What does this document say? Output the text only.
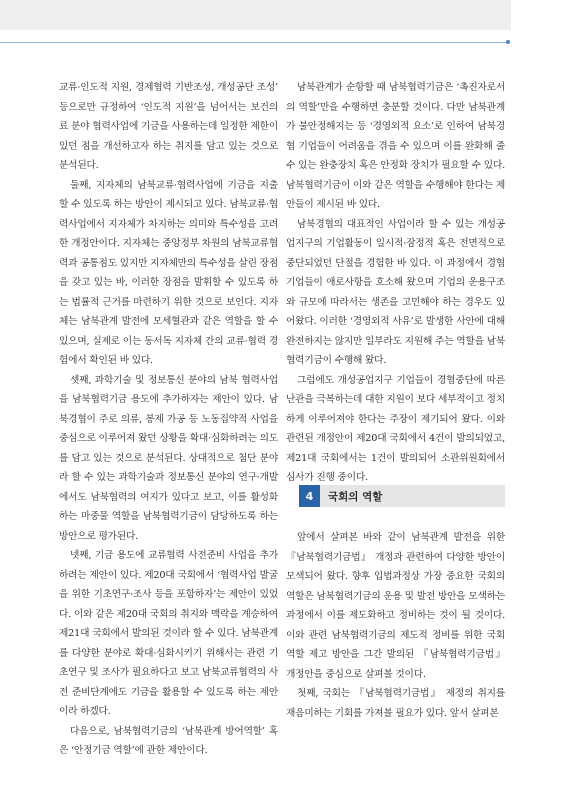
교류·인도적 지원, 경제협력 기반조성, 개성공단 조성’ 등으로만 규정하여 ‘인도적 지원’을 넘어서는 보건의료 분야 협력사업에 기금을 사용하는데 일정한 제한이 있던 점을 개선하고자 하는 취지를 담고 있는 것으로 분석된다.

둘째, 지자체의 남북교류·협력사업에 기금을 지출할 수 있도록 하는 방안이 제시되고 있다. 남북교류·협력사업에서 지자체가 차지하는 의미와 특수성을 고려한 개정안이다. 지자체는 중앙정부 차원의 남북교류협력과 공통점도 있지만 지자체만의 특수성을 살린 장점을 갖고 있는 바, 이러한 장점을 발휘할 수 있도록 하는 법률적 근거를 마련하기 위한 것으로 보인다. 지자체는 남북관계 발전에 모세혈관과 같은 역할을 할 수 있으며, 실제로 이는 동서독 지자체 간의 교류·협력 경험에서 확인된 바 있다.

셋째, 과학기술 및 정보통신 분야의 남북 협력사업을 남북협력기금 용도에 추가하자는 제안이 있다. 남북경협이 주로 의류, 봉제 가공 등 노동집약적 사업을 중심으로 이루어져 왔던 상황을 확대·심화하려는 의도를 담고 있는 것으로 분석된다. 상대적으로 첨단 분야라 할 수 있는 과학기술과 정보통신 분야의 연구·개발에서도 남북협력의 여지가 있다고 보고, 이를 활성화하는 마중물 역할을 남북협력기금이 담당하도록 하는 방안으로 평가된다.

넷째, 기금 용도에 교류협력 사전준비 사업을 추가하려는 제안이 있다. 제20대 국회에서 ‘협력사업 발굴을 위한 기초연구·조사 등을 포함하자’는 제안이 있었다. 이와 같은 제20대 국회의 취지와 맥락을 계승하여 제21대 국회에서 발의된 것이라 할 수 있다. 남북관계를 다양한 분야로 확대·심화시키기 위해서는 관련 기초연구 및 조사가 필요하다고 보고 남북교류협력의 사전 준비단계에도 기금을 활용할 수 있도록 하는 제안이라 하겠다.

다음으로, 남북협력기금의 ‘남북관계 방어역할’ 혹은 ‘안정기금 역할’에 관한 제안이다.

남북관계가 순항할 때 남북협력기금은 ‘촉진자로서의 역할’만을 수행하면 충분할 것이다. 다만 남북관계가 불안정해지는 등 ‘경영외적 요소’로 인하여 남북경협 기업들이 어려움을 겪을 수 있으며 이를 완화해 줄 수 있는 완충장치 혹은 안정화 장치가 필요할 수 있다. 남북협력기금이 이와 같은 역할을 수행해야 한다는 제안들이 제시된 바 있다.

남북경협의 대표적인 사업이라 할 수 있는 개성공업지구의 기업활동이 일시적·잠정적 혹은 전면적으로 중단되었던 단절을 경험한 바 있다. 이 과정에서 경협기업들이 애로사항을 호소해 왔으며 기업의 운용구조와 규모에 따라서는 생존을 고민해야 하는 경우도 있어왔다. 이러한 ‘경영외적 사유’로 발생한 사안에 대해 완전하지는 않지만 일부라도 지원해 주는 역할을 남북협력기금이 수행해 왔다.

그럼에도 개성공업지구 기업들이 경협중단에 따른 난관을 극복하는데 대한 지원이 보다 세부적이고 정치하게 이루어져야 한다는 주장이 제기되어 왔다. 이와 관련된 개정안이 제20대 국회에서 4건이 발의되었고, 제21대 국회에서는 1건이 발의되어 소관위원회에서 심사가 진행 중이다.

4	국회의 역할

앞에서 살펴본 바와 같이 남북관계 발전을 위한 『남북협력기금법』 개정과 관련하여 다양한 방안이 모색되어 왔다. 향후 입법과정상 가장 중요한 국회의 역할은 남북협력기금의 운용 및 발전 방안을 모색하는 과정에서 이를 제도화하고 정비하는 것이 될 것이다. 이와 관련 남북협력기금의 제도적 정비를 위한 국회 역할 제고 방안을 그간 발의된 『남북협력기금법』 개정안을 중심으로 살펴볼 것이다.

첫째, 국회는 『남북협력기금법』 제정의 취지를 재음미하는 기회를 가져볼 필요가 있다. 앞서 살펴본
